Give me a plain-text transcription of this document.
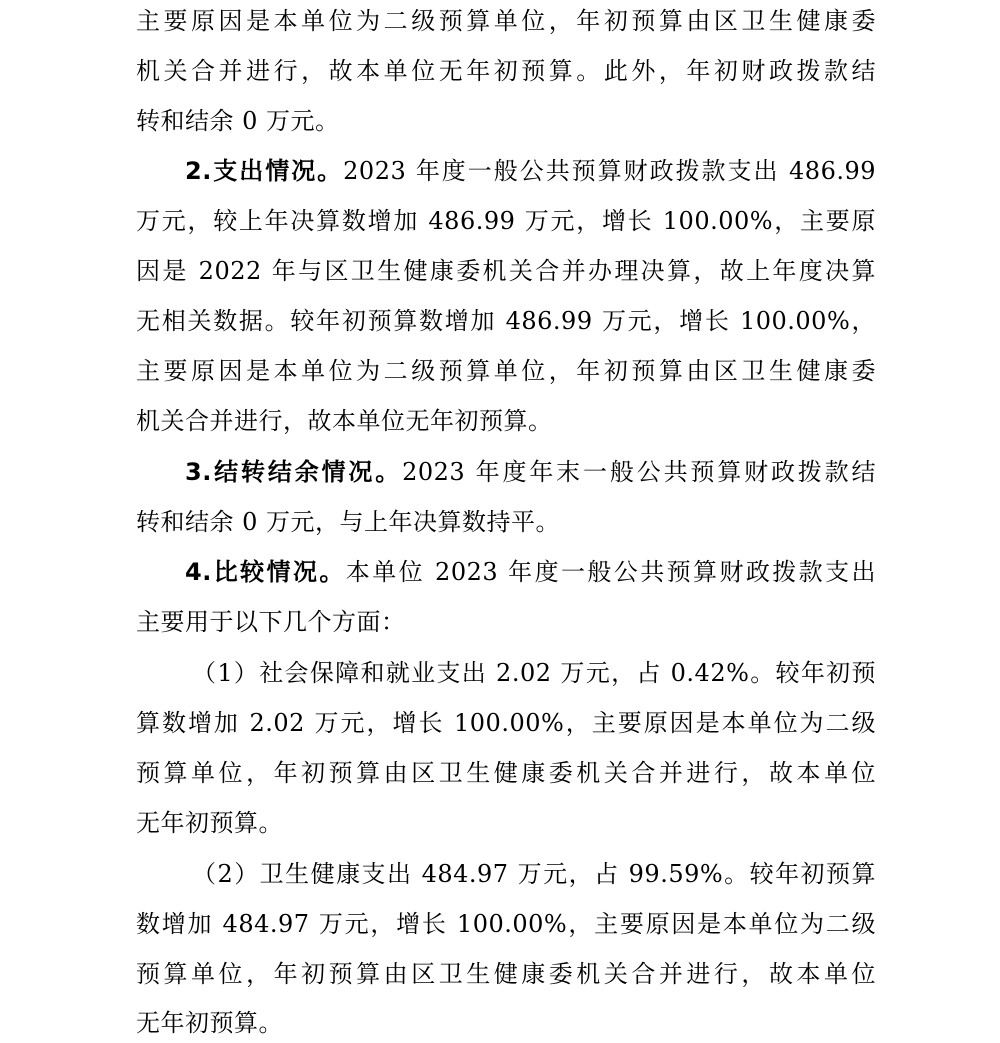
主要原因是本单位为二级预算单位，年初预算由区卫生健康委
机关合并进行，故本单位无年初预算。此外，年初财政拨款结
转和结余 0 万元。
2.支出情况。2023 年度一般公共预算财政拨款支出 486.99
万元，较上年决算数增加 486.99 万元，增长 100.00%，主要原
因是 2022 年与区卫生健康委机关合并办理决算，故上年度决算
无相关数据。较年初预算数增加 486.99 万元，增长 100.00%，
主要原因是本单位为二级预算单位，年初预算由区卫生健康委
机关合并进行，故本单位无年初预算。
3.结转结余情况。2023 年度年末一般公共预算财政拨款结
转和结余 0 万元，与上年决算数持平。
4.比较情况。本单位 2023 年度一般公共预算财政拨款支出
主要用于以下几个方面：
（1）社会保障和就业支出 2.02 万元，占 0.42%。较年初预
算数增加 2.02 万元，增长 100.00%，主要原因是本单位为二级
预算单位，年初预算由区卫生健康委机关合并进行，故本单位
无年初预算。
（2）卫生健康支出 484.97 万元，占 99.59%。较年初预算
数增加 484.97 万元，增长 100.00%，主要原因是本单位为二级
预算单位，年初预算由区卫生健康委机关合并进行，故本单位
无年初预算。
